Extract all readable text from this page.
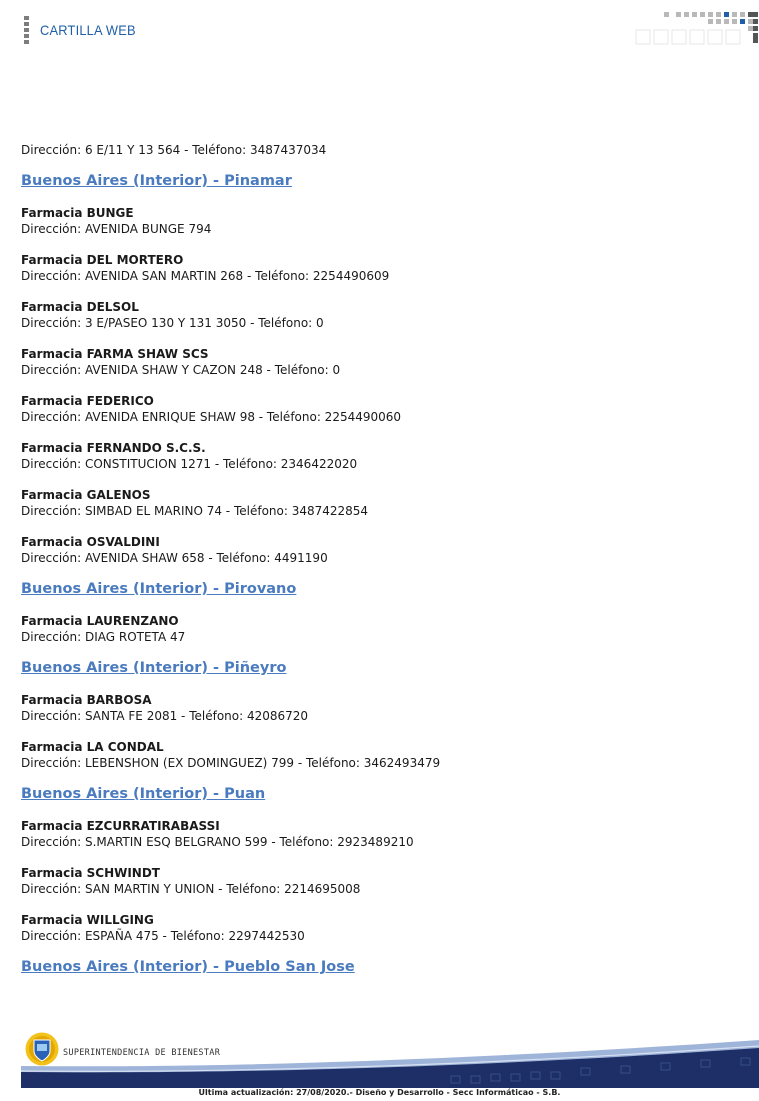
CARTILLA WEB
Dirección: 6 E/11 Y 13 564 - Teléfono: 3487437034
Buenos Aires (Interior) - Pinamar
Farmacia BUNGE
Dirección: AVENIDA BUNGE 794
Farmacia DEL MORTERO
Dirección: AVENIDA SAN MARTIN 268 - Teléfono: 2254490609
Farmacia DELSOL
Dirección: 3 E/PASEO 130 Y 131 3050 - Teléfono: 0
Farmacia FARMA SHAW SCS
Dirección: AVENIDA SHAW Y CAZON 248 - Teléfono: 0
Farmacia FEDERICO
Dirección: AVENIDA ENRIQUE SHAW 98 - Teléfono: 2254490060
Farmacia FERNANDO S.C.S.
Dirección: CONSTITUCION 1271 - Teléfono: 2346422020
Farmacia GALENOS
Dirección: SIMBAD EL MARINO 74 - Teléfono: 3487422854
Farmacia OSVALDINI
Dirección: AVENIDA SHAW 658 - Teléfono: 4491190
Buenos Aires (Interior) - Pirovano
Farmacia LAURENZANO
Dirección: DIAG ROTETA 47
Buenos Aires (Interior) - Piñeyro
Farmacia BARBOSA
Dirección: SANTA FE 2081 - Teléfono: 42086720
Farmacia LA CONDAL
Dirección: LEBENSHON (EX DOMINGUEZ) 799 - Teléfono: 3462493479
Buenos Aires (Interior) - Puan
Farmacia EZCURRATIRABASSI
Dirección: S.MARTIN ESQ BELGRANO 599 - Teléfono: 2923489210
Farmacia SCHWINDT
Dirección: SAN MARTIN Y UNION - Teléfono: 2214695008
Farmacia WILLGING
Dirección: ESPAÑA 475 - Teléfono: 2297442530
Buenos Aires (Interior) - Pueblo San Jose
SUPERINTENDENCIA DE BIENESTAR
Ultima actualización: 27/08/2020.- Diseño y Desarrollo - Secc Informáticao - S.B.
